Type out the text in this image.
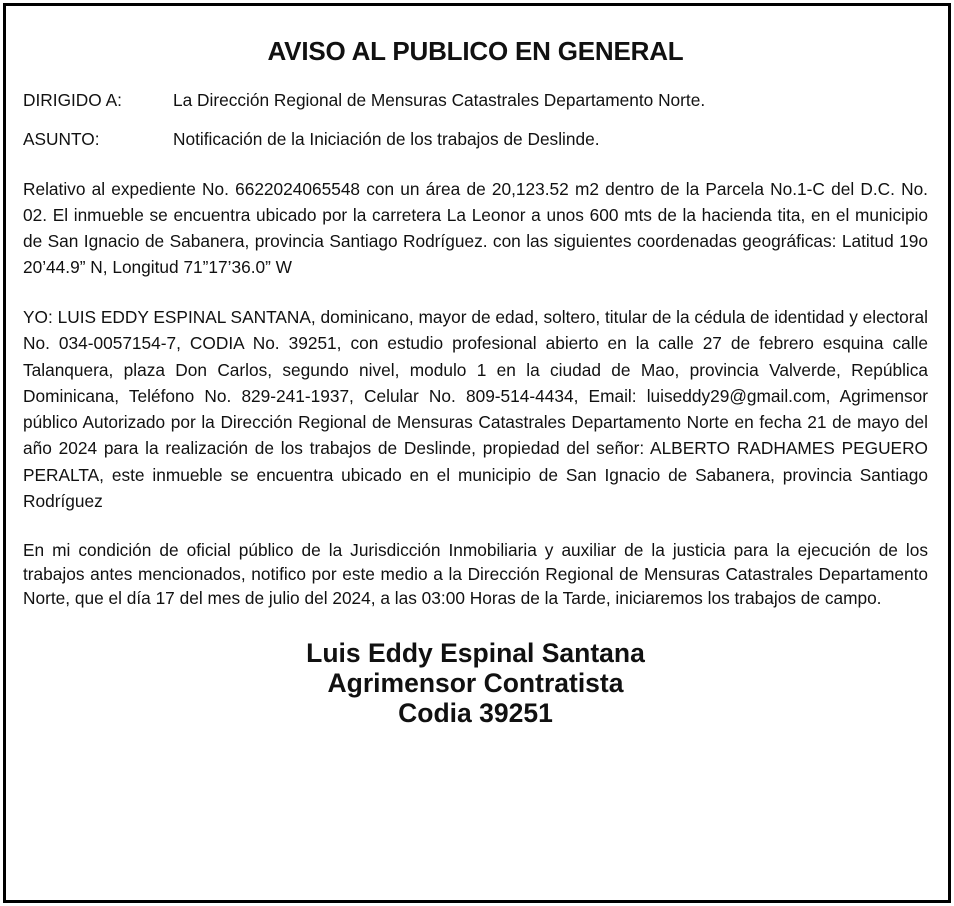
AVISO AL PUBLICO EN GENERAL
DIRIGIDO A:	La Dirección Regional de Mensuras Catastrales Departamento Norte.
ASUNTO:	Notificación de la Iniciación de los trabajos de Deslinde.

Relativo al expediente No. 6622024065548 con un área de 20,123.52 m2 dentro de la Parcela No.1-C del D.C. No. 02. El inmueble se encuentra ubicado por la carretera La Leonor a unos 600 mts de la hacienda tita, en el municipio de San Ignacio de Sabanera, provincia Santiago Rodríguez. con las siguientes coordenadas geográficas: Latitud 19o 20’44.9” N, Longitud 71”17’36.0” W

YO: LUIS EDDY ESPINAL SANTANA, dominicano, mayor de edad, soltero, titular de la cédula de identidad y electoral No. 034-0057154-7, CODIA No. 39251, con estudio profesional abierto en la calle 27 de febrero esquina calle Talanquera, plaza Don Carlos, segundo nivel, modulo 1 en la ciudad de Mao, provincia Valverde, República Dominicana, Teléfono No. 829-241-1937, Celular No. 809-514-4434, Email: luiseddy29@gmail.com, Agrimensor público Autorizado por la Dirección Regional de Mensuras Catastrales Departamento Norte en fecha 21 de mayo del año 2024 para la realización de los trabajos de Deslinde, propiedad del señor: ALBERTO RADHAMES PEGUERO PERALTA, este inmueble se encuentra ubicado en el municipio de San Ignacio de Sabanera, provincia Santiago Rodríguez

En mi condición de oficial público de la Jurisdicción Inmobiliaria y auxiliar de la justicia para la ejecución de los trabajos antes mencionados, notifico por este medio a la Dirección Regional de Mensuras Catastrales Departamento Norte, que el día 17 del mes de julio del 2024, a las 03:00 Horas de la Tarde, iniciaremos los trabajos de campo.

Luis Eddy Espinal Santana
Agrimensor Contratista
Codia 39251
